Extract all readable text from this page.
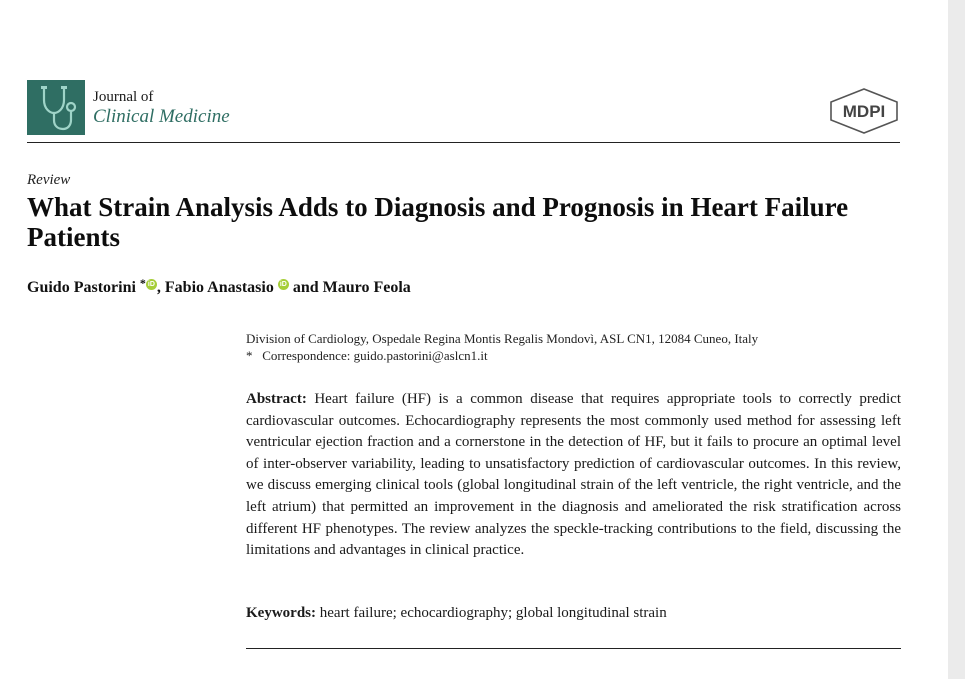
Journal of
Clinical Medicine	MDPI
Review
What Strain Analysis Adds to Diagnosis and Prognosis in Heart Failure Patients
Guido Pastorini * iD , Fabio Anastasio iD and Mauro Feola
Division of Cardiology, Ospedale Regina Montis Regalis Mondovì, ASL CN1, 12084 Cuneo, Italy
*   Correspondence: guido.pastorini@aslcn1.it

Abstract: Heart failure (HF) is a common disease that requires appropriate tools to correctly predict cardiovascular outcomes. Echocardiography represents the most commonly used method for assessing left ventricular ejection fraction and a cornerstone in the detection of HF, but it fails to procure an optimal level of inter-observer variability, leading to unsatisfactory prediction of cardiovascular outcomes. In this review, we discuss emerging clinical tools (global longitudinal strain of the left ventricle, the right ventricle, and the left atrium) that permitted an improvement in the diagnosis and ameliorated the risk stratification across different HF phenotypes. The review analyzes the speckle-tracking contributions to the field, discussing the limitations and advantages in clinical practice.

Keywords: heart failure; echocardiography; global longitudinal strain
